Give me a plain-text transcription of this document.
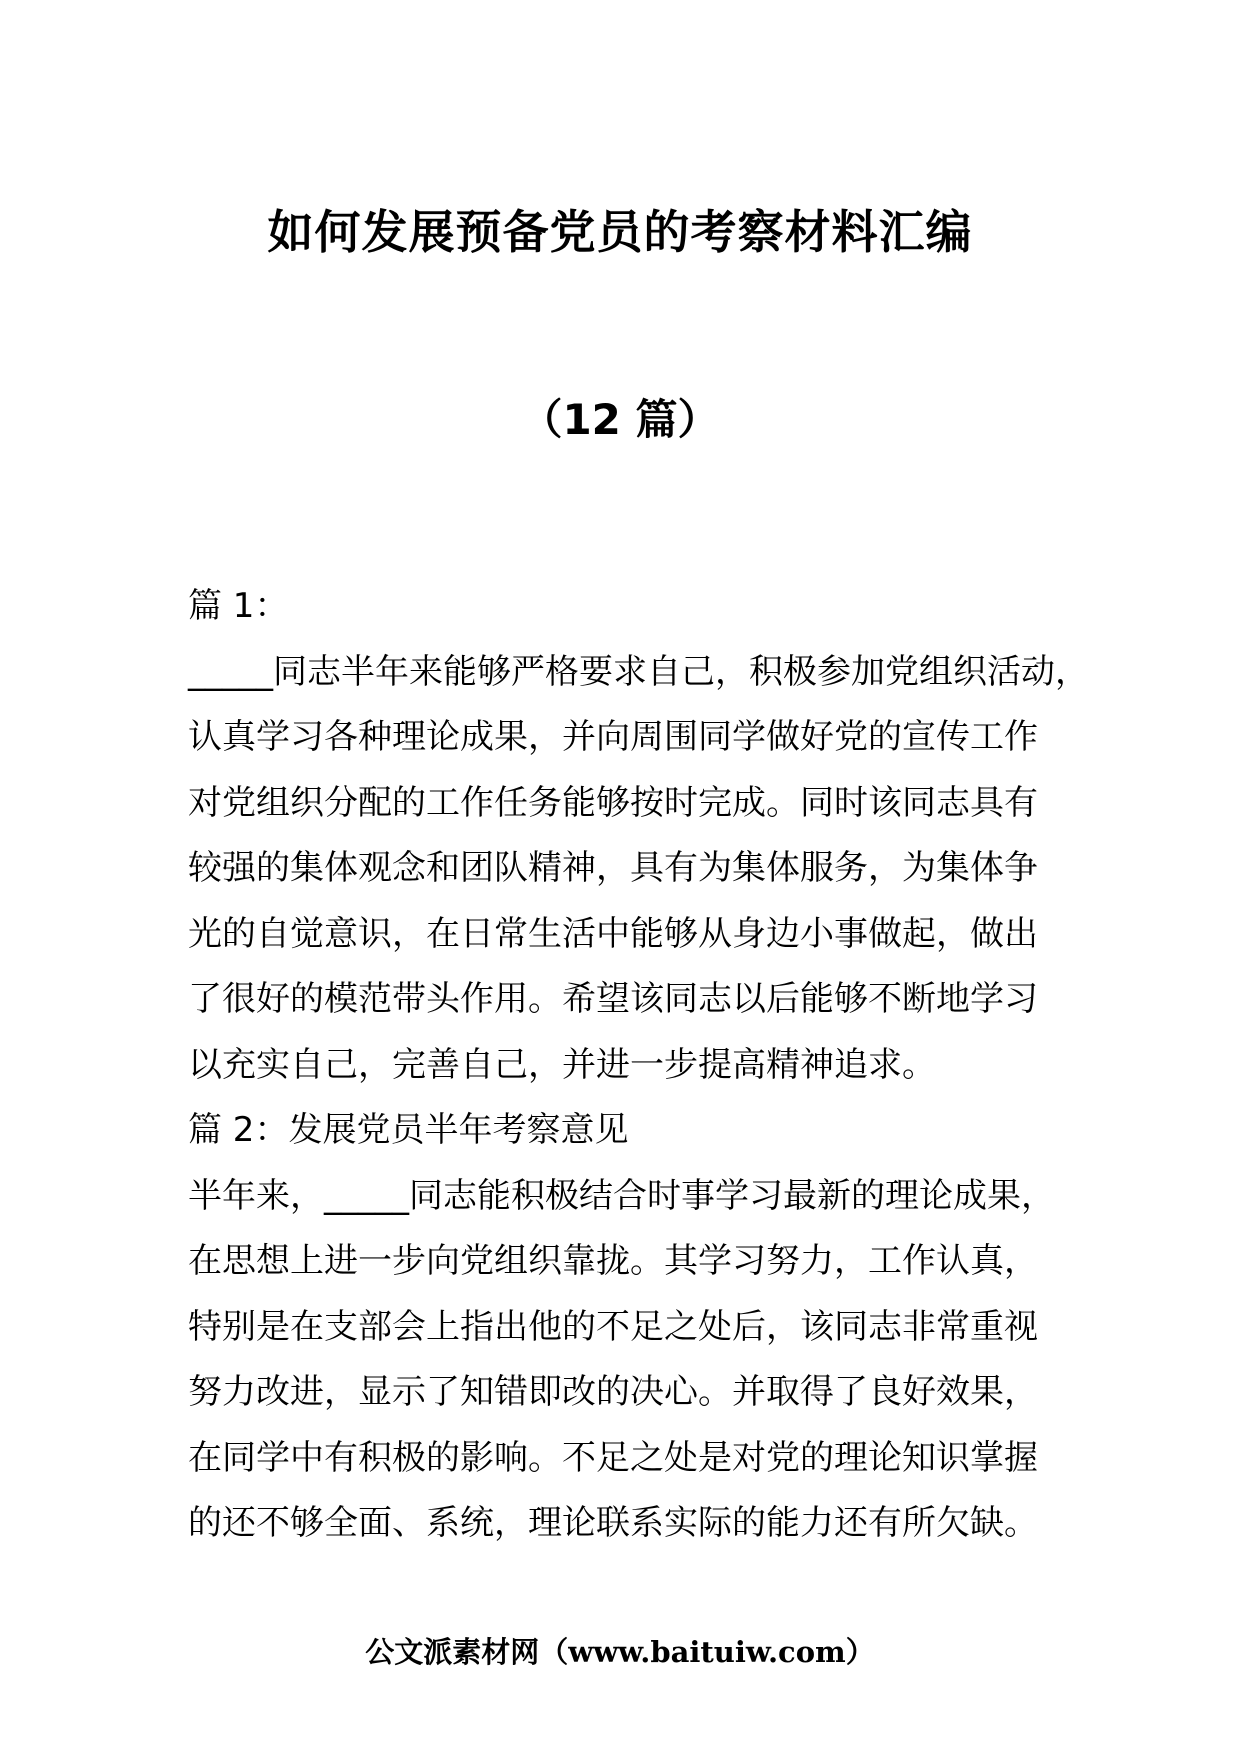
如何发展预备党员的考察材料汇编
（12 篇）

篇 1：

_____同志半年来能够严格要求自己，积极参加党组织活动，

认真学习各种理论成果，并向周围同学做好党的宣传工作

对党组织分配的工作任务能够按时完成。同时该同志具有

较强的集体观念和团队精神，具有为集体服务，为集体争

光的自觉意识，在日常生活中能够从身边小事做起，做出

了很好的模范带头作用。希望该同志以后能够不断地学习

以充实自己，完善自己，并进一步提高精神追求。

篇 2：发展党员半年考察意见

半年来，_____同志能积极结合时事学习最新的理论成果，

在思想上进一步向党组织靠拢。其学习努力，工作认真，

特别是在支部会上指出他的不足之处后，该同志非常重视

努力改进，显示了知错即改的决心。并取得了良好效果，

在同学中有积极的影响。不足之处是对党的理论知识掌握

的还不够全面、系统，理论联系实际的能力还有所欠缺。

公文派素材网（www.baituiw.com）
